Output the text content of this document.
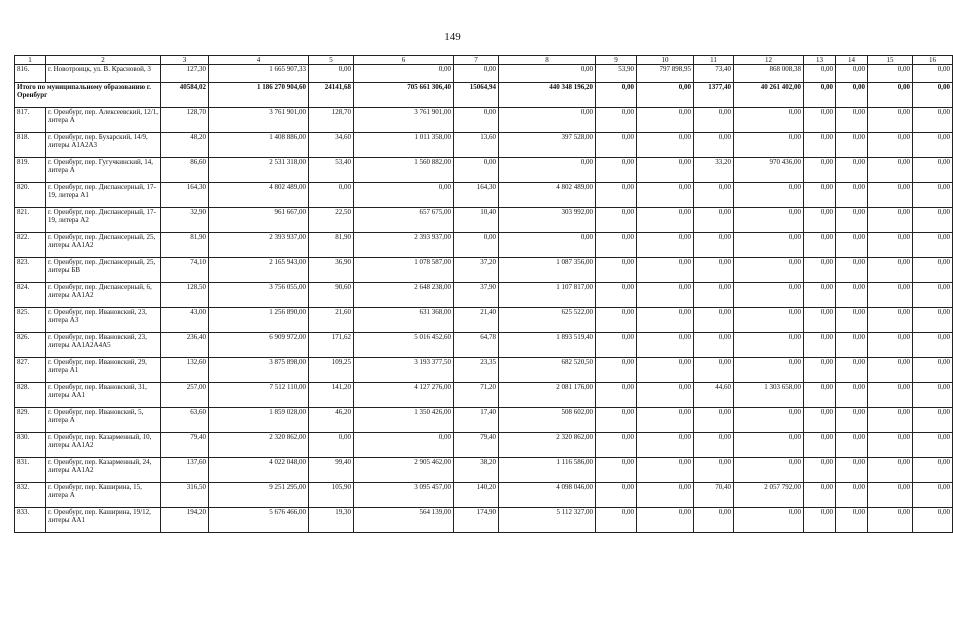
149
1	2	3	4	5	6	7	8	9	10	11	12	13	14	15	16
816.	г. Новотроицк, ул. В. Красновой, 3	127,30	1 665 907,33	0,00	0,00	0,00	0,00	53,90	797 898,95	73,40	868 008,38	0,00	0,00	0,00	0,00
Итого по муниципальному образованию г. Оренбург		40584,02	1 186 270 904,60	24141,68	705 661 306,40	15064,94	440 348 196,20	0,00	0,00	1377,40	40 261 402,00	0,00	0,00	0,00	0,00
817.	г. Оренбург, пер. Алексеевский, 12/1, литера А	128,70	3 761 901,00	128,70	3 761 901,00	0,00	0,00	0,00	0,00	0,00	0,00	0,00	0,00	0,00	0,00
818.	г. Оренбург, пер. Бухарский, 14/9, литеры А1А2А3	48,20	1 408 886,00	34,60	1 011 358,00	13,60	397 528,00	0,00	0,00	0,00	0,00	0,00	0,00	0,00	0,00
819.	г. Оренбург, пер. Гугучкинский, 14, литера А	86,60	2 531 318,00	53,40	1 560 882,00	0,00	0,00	0,00	0,00	33,20	970 436,00	0,00	0,00	0,00	0,00
820.	г. Оренбург, пер. Диспансерный, 17-19, литера А1	164,30	4 802 489,00	0,00	0,00	164,30	4 802 489,00	0,00	0,00	0,00	0,00	0,00	0,00	0,00	0,00
821.	г. Оренбург, пер. Диспансерный, 17-19, литера А2	32,90	961 667,00	22,50	657 675,00	10,40	303 992,00	0,00	0,00	0,00	0,00	0,00	0,00	0,00	0,00
822.	г. Оренбург, пер. Диспансерный, 25, литеры АА1А2	81,90	2 393 937,00	81,90	2 393 937,00	0,00	0,00	0,00	0,00	0,00	0,00	0,00	0,00	0,00	0,00
823.	г. Оренбург, пер. Диспансерный, 25, литеры БВ	74,10	2 165 943,00	36,90	1 078 587,00	37,20	1 087 356,00	0,00	0,00	0,00	0,00	0,00	0,00	0,00	0,00
824.	г. Оренбург, пер. Диспансерный, 6, литеры АА1А2	128,50	3 756 055,00	90,60	2 648 238,00	37,90	1 107 817,00	0,00	0,00	0,00	0,00	0,00	0,00	0,00	0,00
825.	г. Оренбург, пер. Ивановский, 23, литера А3	43,00	1 256 890,00	21,60	631 368,00	21,40	625 522,00	0,00	0,00	0,00	0,00	0,00	0,00	0,00	0,00
826.	г. Оренбург, пер. Ивановский, 23, литеры АА1А2А4А5	236,40	6 909 972,00	171,62	5 016 452,60	64,78	1 893 519,40	0,00	0,00	0,00	0,00	0,00	0,00	0,00	0,00
827.	г. Оренбург, пер. Ивановский, 29, литера А1	132,60	3 875 898,00	109,25	3 193 377,50	23,35	682 520,50	0,00	0,00	0,00	0,00	0,00	0,00	0,00	0,00
828.	г. Оренбург, пер. Ивановский, 31, литеры АА1	257,00	7 512 110,00	141,20	4 127 276,00	71,20	2 081 176,00	0,00	0,00	44,60	1 303 658,00	0,00	0,00	0,00	0,00
829.	г. Оренбург, пер. Ивановский, 5, литера А	63,60	1 859 028,00	46,20	1 350 426,00	17,40	508 602,00	0,00	0,00	0,00	0,00	0,00	0,00	0,00	0,00
830.	г. Оренбург, пер. Казарменный, 10, литеры АА1А2	79,40	2 320 862,00	0,00	0,00	79,40	2 320 862,00	0,00	0,00	0,00	0,00	0,00	0,00	0,00	0,00
831.	г. Оренбург, пер. Казарменный, 24, литеры АА1А2	137,60	4 022 048,00	99,40	2 905 462,00	38,20	1 116 586,00	0,00	0,00	0,00	0,00	0,00	0,00	0,00	0,00
832.	г. Оренбург, пер. Каширина, 15, литера А	316,50	9 251 295,00	105,90	3 095 457,00	140,20	4 098 046,00	0,00	0,00	70,40	2 057 792,00	0,00	0,00	0,00	0,00
833.	г. Оренбург, пер. Каширина, 19/12, литеры АА1	194,20	5 676 466,00	19,30	564 139,00	174,90	5 112 327,00	0,00	0,00	0,00	0,00	0,00	0,00	0,00	0,00
